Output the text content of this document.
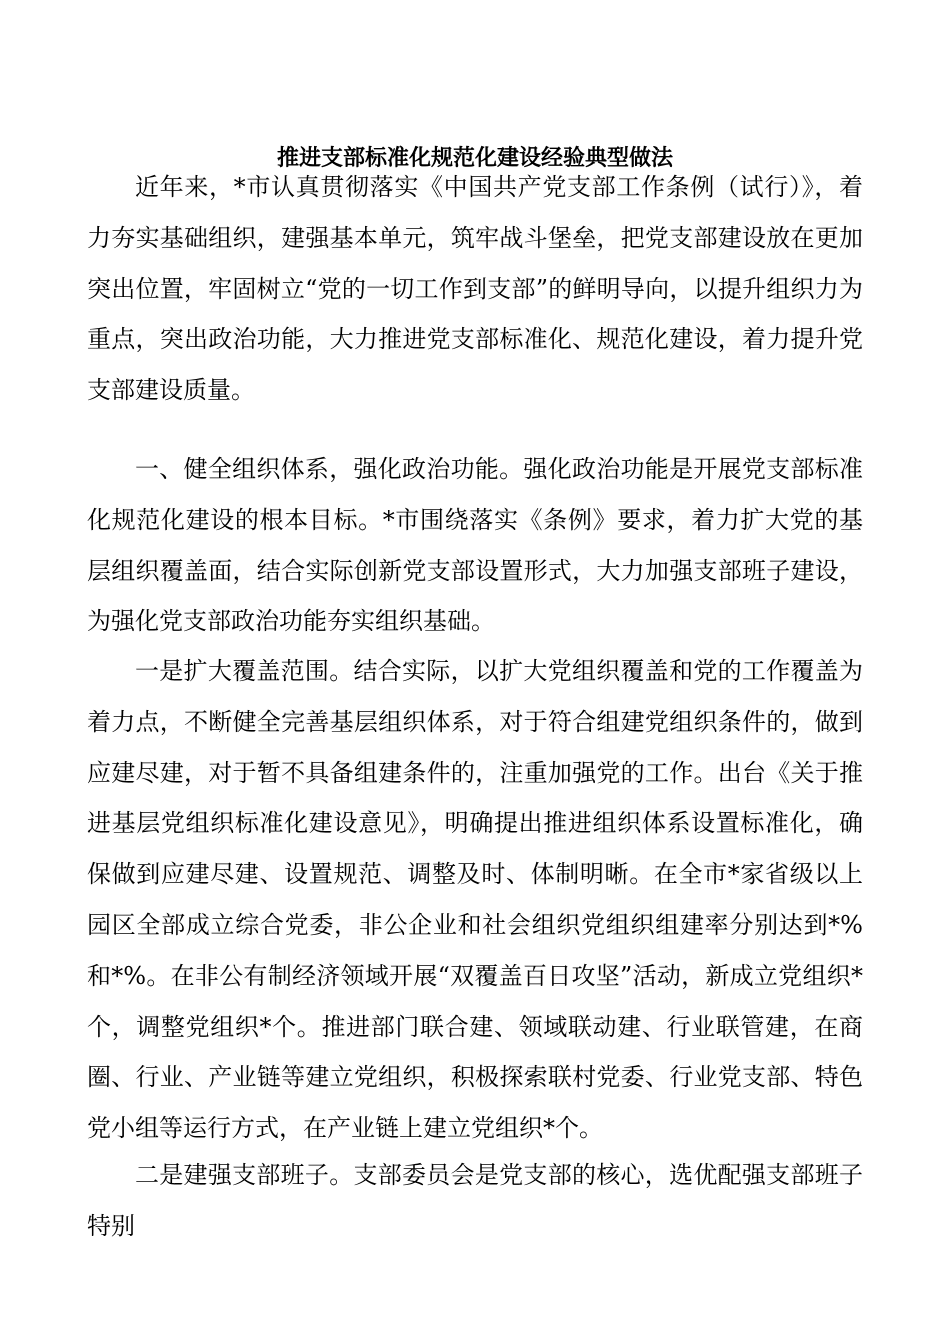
推进支部标准化规范化建设经验典型做法

近年来，*市认真贯彻落实《中国共产党支部工作条例（试行）》，着力夯实基础组织，建强基本单元，筑牢战斗堡垒，把党支部建设放在更加突出位置，牢固树立“党的一切工作到支部”的鲜明导向，以提升组织力为重点，突出政治功能，大力推进党支部标准化、规范化建设，着力提升党支部建设质量。

一、健全组织体系，强化政治功能。强化政治功能是开展党支部标准化规范化建设的根本目标。*市围绕落实《条例》要求，着力扩大党的基层组织覆盖面，结合实际创新党支部设置形式，大力加强支部班子建设，为强化党支部政治功能夯实组织基础。

一是扩大覆盖范围。结合实际，以扩大党组织覆盖和党的工作覆盖为着力点，不断健全完善基层组织体系，对于符合组建党组织条件的，做到应建尽建，对于暂不具备组建条件的，注重加强党的工作。出台《关于推进基层党组织标准化建设意见》，明确提出推进组织体系设置标准化，确保做到应建尽建、设置规范、调整及时、体制明晰。在全市*家省级以上园区全部成立综合党委，非公企业和社会组织党组织组建率分别达到*%和*%。在非公有制经济领域开展“双覆盖百日攻坚”活动，新成立党组织*个，调整党组织*个。推进部门联合建、领域联动建、行业联管建，在商圈、行业、产业链等建立党组织，积极探索联村党委、行业党支部、特色党小组等运行方式，在产业链上建立党组织*个。

二是建强支部班子。支部委员会是党支部的核心，选优配强支部班子特别
